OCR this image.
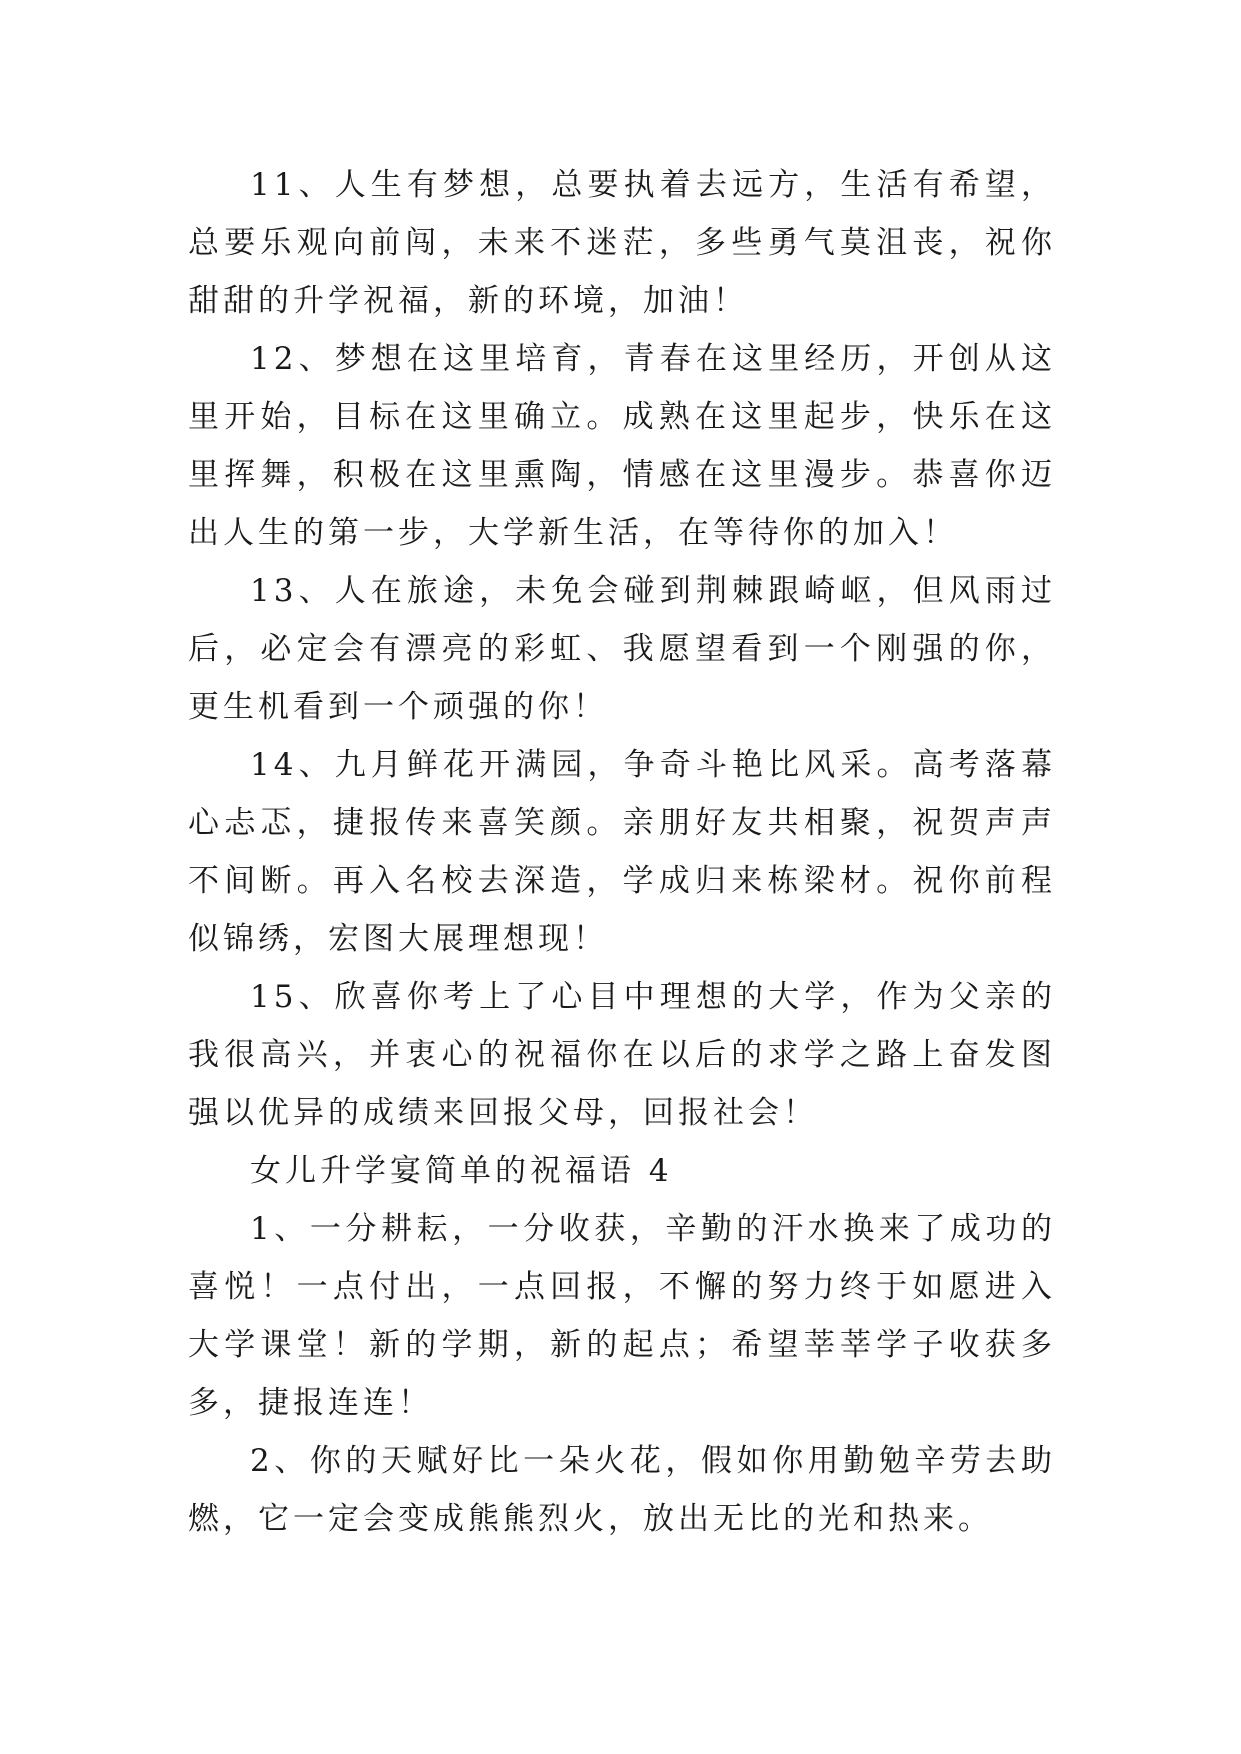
11、人生有梦想，总要执着去远方，生活有希望，总要乐观向前闯，未来不迷茫，多些勇气莫沮丧，祝你甜甜的升学祝福，新的环境，加油！

12、梦想在这里培育，青春在这里经历，开创从这里开始，目标在这里确立。成熟在这里起步，快乐在这里挥舞，积极在这里熏陶，情感在这里漫步。恭喜你迈出人生的第一步，大学新生活，在等待你的加入！

13、人在旅途，未免会碰到荆棘跟崎岖，但风雨过后，必定会有漂亮的彩虹、我愿望看到一个刚强的你，更生机看到一个顽强的你！

14、九月鲜花开满园，争奇斗艳比风采。高考落幕心忐忑，捷报传来喜笑颜。亲朋好友共相聚，祝贺声声不间断。再入名校去深造，学成归来栋梁材。祝你前程似锦绣，宏图大展理想现！

15、欣喜你考上了心目中理想的大学，作为父亲的我很高兴，并衷心的祝福你在以后的求学之路上奋发图强以优异的成绩来回报父母，回报社会！

女儿升学宴简单的祝福语 4

1、一分耕耘，一分收获，辛勤的汗水换来了成功的喜悦！一点付出，一点回报，不懈的努力终于如愿进入大学课堂！新的学期，新的起点；希望莘莘学子收获多多，捷报连连！

2、你的天赋好比一朵火花，假如你用勤勉辛劳去助燃，它一定会变成熊熊烈火，放出无比的光和热来。
